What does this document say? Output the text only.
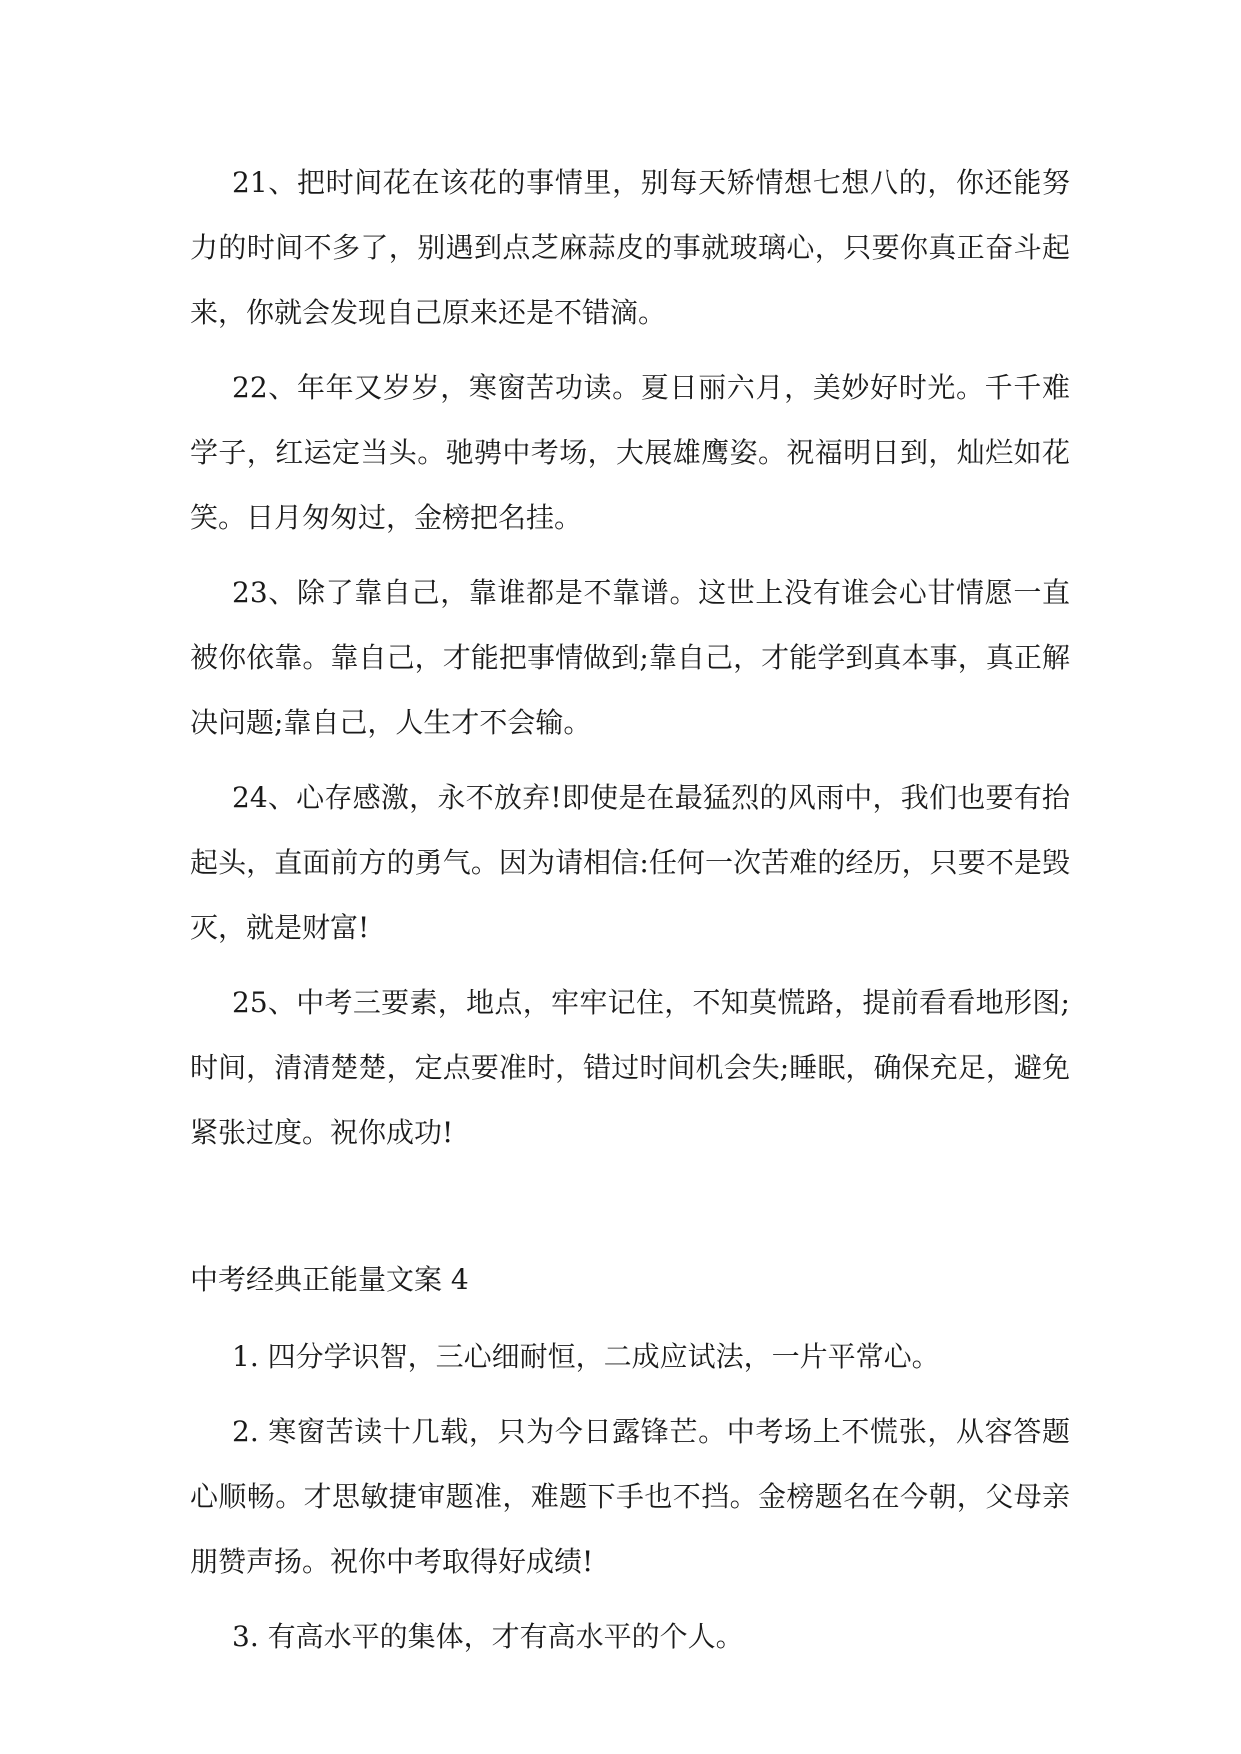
21、把时间花在该花的事情里，别每天矫情想七想八的，你还能努力的时间不多了，别遇到点芝麻蒜皮的事就玻璃心，只要你真正奋斗起来，你就会发现自己原来还是不错滴。

22、年年又岁岁，寒窗苦功读。夏日丽六月，美妙好时光。千千难学子，红运定当头。驰骋中考场，大展雄鹰姿。祝福明日到，灿烂如花笑。日月匆匆过，金榜把名挂。

23、除了靠自己，靠谁都是不靠谱。这世上没有谁会心甘情愿一直被你依靠。靠自己，才能把事情做到;靠自己，才能学到真本事，真正解决问题;靠自己，人生才不会输。

24、心存感激，永不放弃!即使是在最猛烈的风雨中，我们也要有抬起头，直面前方的勇气。因为请相信:任何一次苦难的经历，只要不是毁灭，就是财富!

25、中考三要素，地点，牢牢记住，不知莫慌路，提前看看地形图;时间，清清楚楚，定点要准时，错过时间机会失;睡眠，确保充足，避免紧张过度。祝你成功!

中考经典正能量文案 4

1. 四分学识智，三心细耐恒，二成应试法，一片平常心。

2. 寒窗苦读十几载，只为今日露锋芒。中考场上不慌张，从容答题心顺畅。才思敏捷审题准，难题下手也不挡。金榜题名在今朝，父母亲朋赞声扬。祝你中考取得好成绩!

3. 有高水平的集体，才有高水平的个人。
